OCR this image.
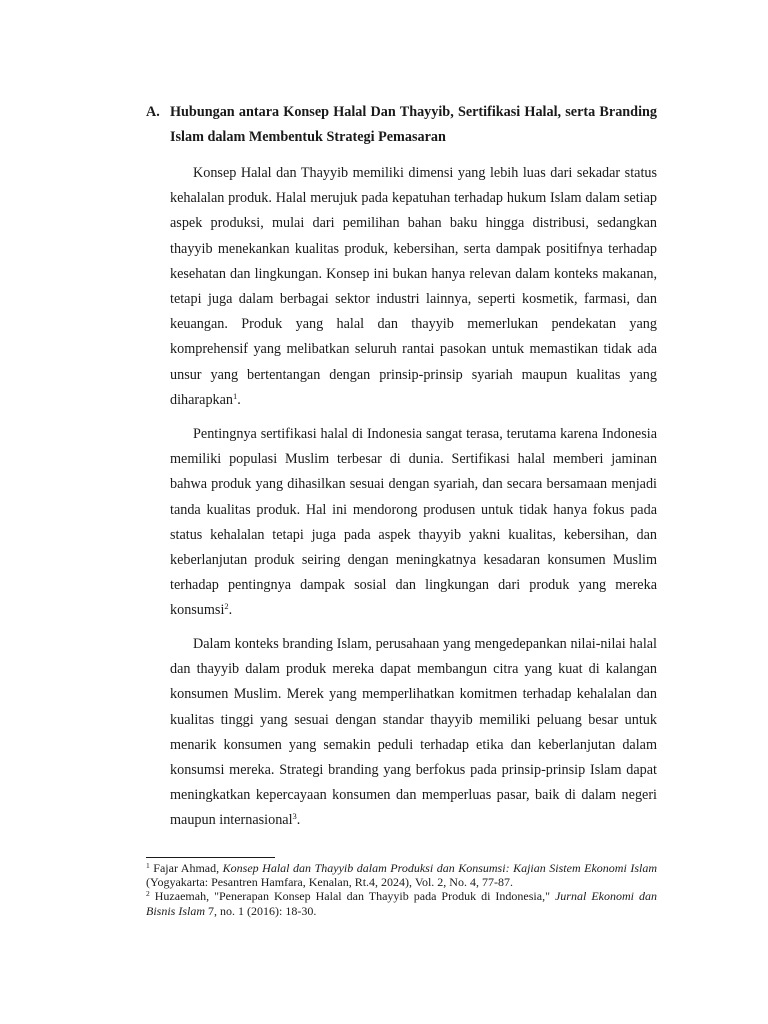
A. Hubungan antara Konsep Halal Dan Thayyib, Sertifikasi Halal, serta Branding Islam dalam Membentuk Strategi Pemasaran

Konsep Halal dan Thayyib memiliki dimensi yang lebih luas dari sekadar status kehalalan produk. Halal merujuk pada kepatuhan terhadap hukum Islam dalam setiap aspek produksi, mulai dari pemilihan bahan baku hingga distribusi, sedangkan thayyib menekankan kualitas produk, kebersihan, serta dampak positifnya terhadap kesehatan dan lingkungan. Konsep ini bukan hanya relevan dalam konteks makanan, tetapi juga dalam berbagai sektor industri lainnya, seperti kosmetik, farmasi, dan keuangan. Produk yang halal dan thayyib memerlukan pendekatan yang komprehensif yang melibatkan seluruh rantai pasokan untuk memastikan tidak ada unsur yang bertentangan dengan prinsip-prinsip syariah maupun kualitas yang diharapkan$^1$.

Pentingnya sertifikasi halal di Indonesia sangat terasa, terutama karena Indonesia memiliki populasi Muslim terbesar di dunia. Sertifikasi halal memberi jaminan bahwa produk yang dihasilkan sesuai dengan syariah, dan secara bersamaan menjadi tanda kualitas produk. Hal ini mendorong produsen untuk tidak hanya fokus pada status kehalalan tetapi juga pada aspek thayyib yakni kualitas, kebersihan, dan keberlanjutan produk seiring dengan meningkatnya kesadaran konsumen Muslim terhadap pentingnya dampak sosial dan lingkungan dari produk yang mereka konsumsi$^2$.

Dalam konteks branding Islam, perusahaan yang mengedepankan nilai-nilai halal dan thayyib dalam produk mereka dapat membangun citra yang kuat di kalangan konsumen Muslim. Merek yang memperlihatkan komitmen terhadap kehalalan dan kualitas tinggi yang sesuai dengan standar thayyib memiliki peluang besar untuk menarik konsumen yang semakin peduli terhadap etika dan keberlanjutan dalam konsumsi mereka. Strategi branding yang berfokus pada prinsip-prinsip Islam dapat meningkatkan kepercayaan konsumen dan memperluas pasar, baik di dalam negeri maupun internasional$^3$.

$^1$ Fajar Ahmad, Konsep Halal dan Thayyib dalam Produksi dan Konsumsi: Kajian Sistem Ekonomi Islam (Yogyakarta: Pesantren Hamfara, Kenalan, Rt.4, 2024), Vol. 2, No. 4, 77-87.

$^2$ Huzaemah, "Penerapan Konsep Halal dan Thayyib pada Produk di Indonesia," Jurnal Ekonomi dan Bisnis Islam 7, no. 1 (2016): 18-30.
